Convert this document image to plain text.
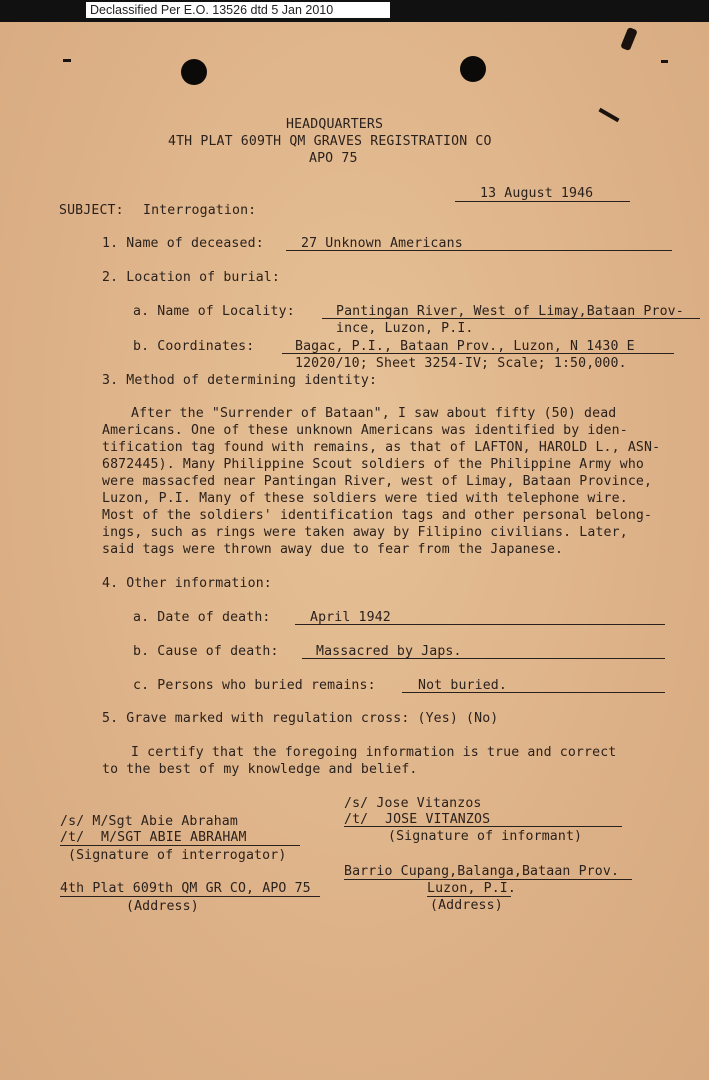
Declassified Per E.O. 13526 dtd 5 Jan 2010
HEADQUARTERS
4TH PLAT 609TH QM GRAVES REGISTRATION CO
APO 75
13 August 1946
SUBJECT: Interrogation:
1. Name of deceased:	27 Unknown Americans
2. Location of burial:
a. Name of Locality:	Pantingan River, West of Limay,Bataan Prov-
ince, Luzon, P.I.
b. Coordinates:	Bagac, P.I., Bataan Prov., Luzon, N 1430 E
12020/10; Sheet 3254-IV; Scale; 1:50,000.
3. Method of determining identity:
After the "Surrender of Bataan", I saw about fifty (50) dead
Americans. One of these unknown Americans was identified by iden-
tification tag found with remains, as that of LAFTON, HAROLD L., ASN-
6872445). Many Philippine Scout soldiers of the Philippine Army who
were massacfed near Pantingan River, west of Limay, Bataan Province,
Luzon, P.I. Many of these soldiers were tied with telephone wire.
Most of the soldiers' identification tags and other personal belong-
ings, such as rings were taken away by Filipino civilians. Later,
said tags were thrown away due to fear from the Japanese.
4. Other information:
a. Date of death:	April 1942
b. Cause of death:	Massacred by Japs.
c. Persons who buried remains:	Not buried.
5. Grave marked with regulation cross: (Yes) (No)
I certify that the foregoing information is true and correct
to the best of my knowledge and belief.
/s/ M/Sgt Abie Abraham
/t/ M/SGT ABIE ABRAHAM
(Signature of interrogator)
4th Plat 609th QM GR CO, APO 75
(Address)
/s/ Jose Vitanzos
/t/ JOSE VITANZOS
(Signature of informant)
Barrio Cupang,Balanga,Bataan Prov.
Luzon, P.I.
(Address)
